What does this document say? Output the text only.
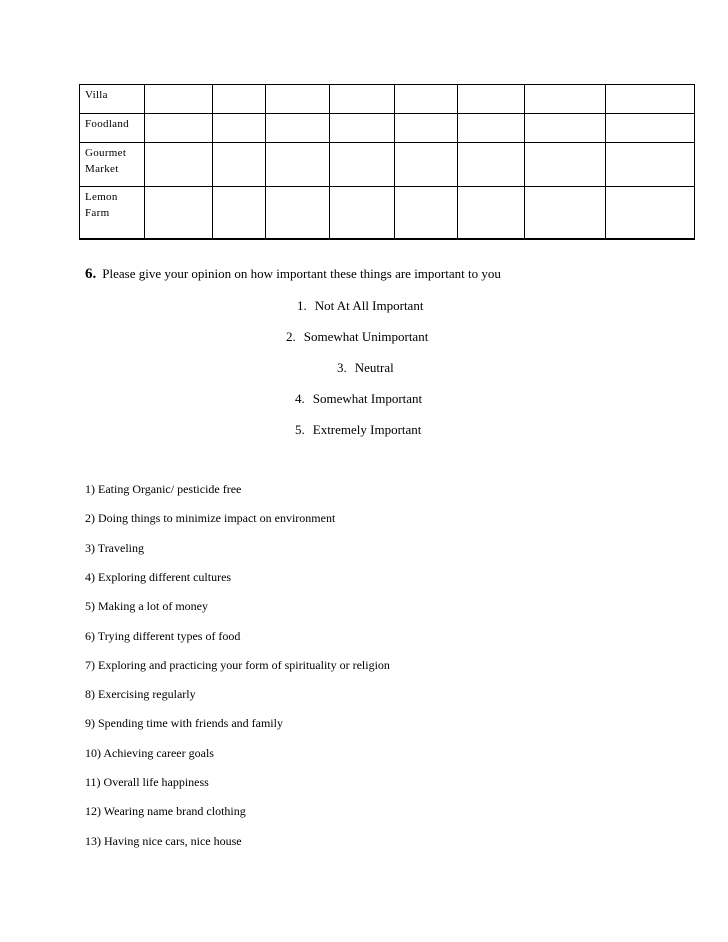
Villa								

Foodland								

Gourmet
Market								

Lemon
Farm								

6. Please give your opinion on how important these things are important to you
1. Not At All Important
2. Somewhat Unimportant
3. Neutral
4. Somewhat Important
5. Extremely Important
1) Eating Organic/ pesticide free
2) Doing things to minimize impact on environment
3) Traveling
4) Exploring different cultures
5) Making a lot of money
6) Trying different types of food
7) Exploring and practicing your form of spirituality or religion
8) Exercising regularly
9) Spending time with friends and family
10) Achieving career goals
11) Overall life happiness
12) Wearing name brand clothing
13) Having nice cars, nice house
